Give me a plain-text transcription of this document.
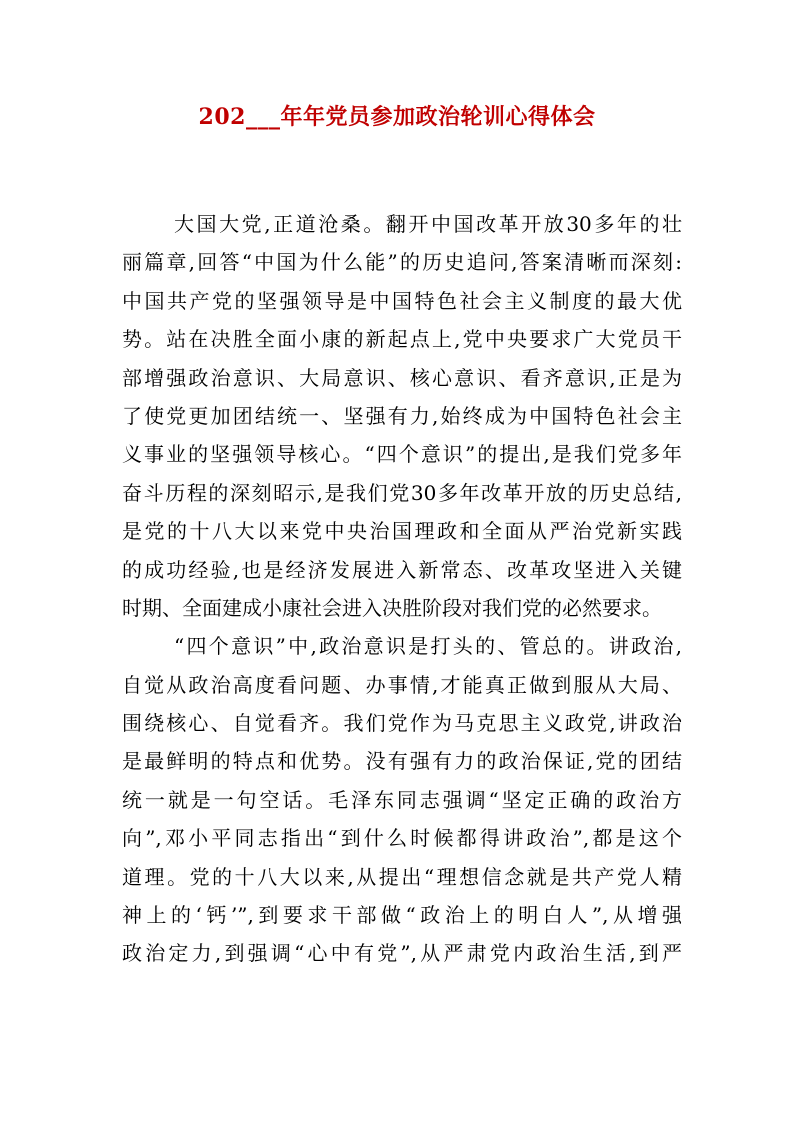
202___年年党员参加政治轮训心得体会
大国大党,正道沧桑。翻开中国改革开放30多年的壮
丽篇章,回答“中国为什么能”的历史追问,答案清晰而深刻:
中国共产党的坚强领导是中国特色社会主义制度的最大优
势。站在决胜全面小康的新起点上,党中央要求广大党员干
部增强政治意识、大局意识、核心意识、看齐意识,正是为
了使党更加团结统一、坚强有力,始终成为中国特色社会主
义事业的坚强领导核心。“四个意识”的提出,是我们党多年
奋斗历程的深刻昭示,是我们党30多年改革开放的历史总结,
是党的十八大以来党中央治国理政和全面从严治党新实践
的成功经验,也是经济发展进入新常态、改革攻坚进入关键
时期、全面建成小康社会进入决胜阶段对我们党的必然要求。
“四个意识”中,政治意识是打头的、管总的。讲政治,
自觉从政治高度看问题、办事情,才能真正做到服从大局、
围绕核心、自觉看齐。我们党作为马克思主义政党,讲政治
是最鲜明的特点和优势。没有强有力的政治保证,党的团结
统一就是一句空话。毛泽东同志强调“坚定正确的政治方
向”,邓小平同志指出“到什么时候都得讲政治”,都是这个
道理。党的十八大以来,从提出“理想信念就是共产党人精
神上的‘钙’”,到要求干部做“政治上的明白人”,从增强
政治定力,到强调“心中有党”,从严肃党内政治生活,到严
